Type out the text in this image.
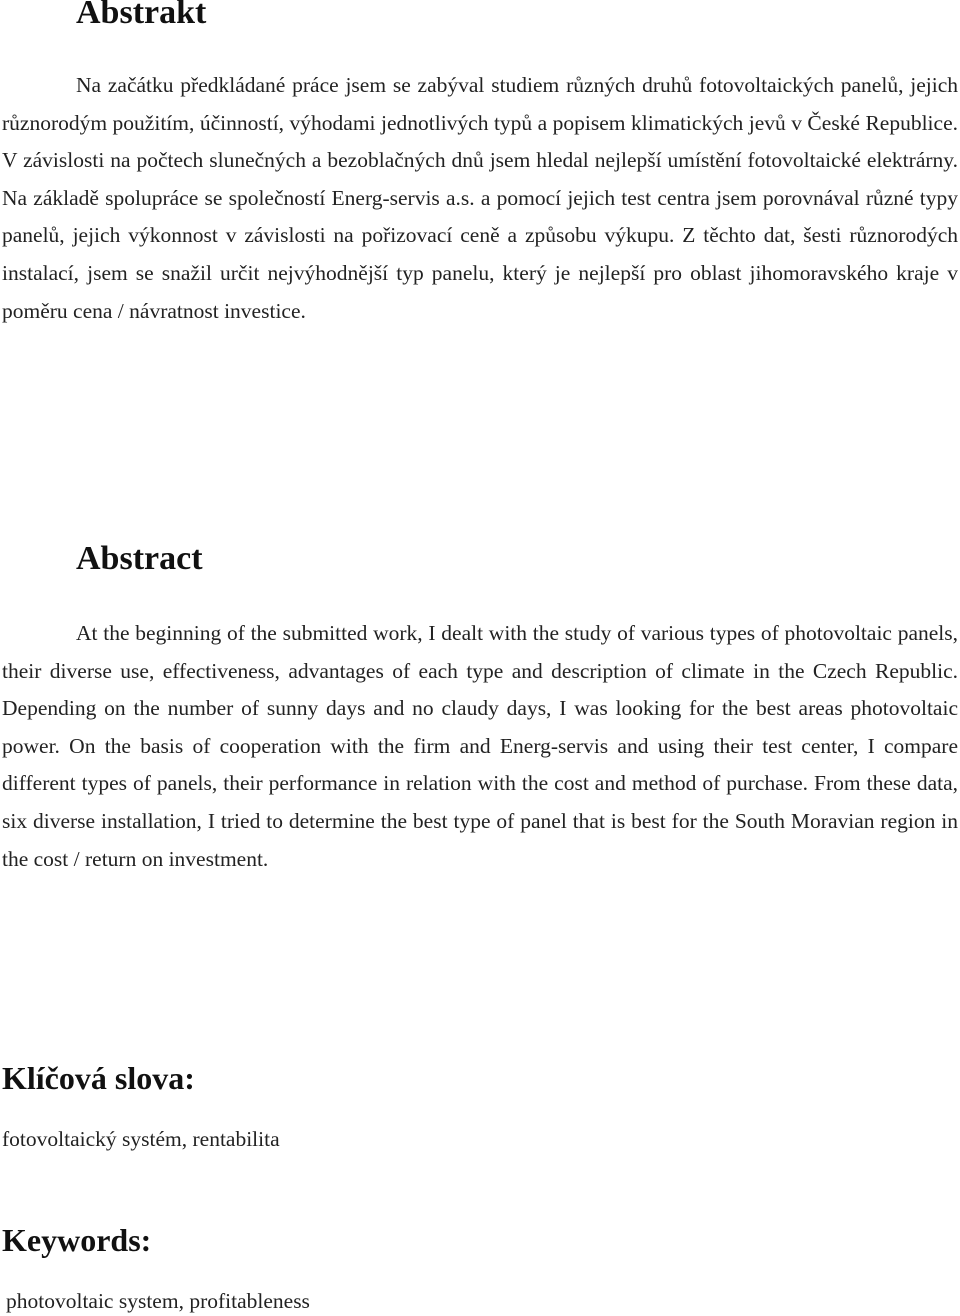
Abstrakt

Na začátku předkládané práce jsem se zabýval studiem různých druhů fotovoltaických panelů, jejich různorodým použitím, účinností, výhodami jednotlivých typů a popisem klimatických jevů v České Republice. V závislosti na počtech slunečných a bezoblačných dnů jsem hledal nejlepší umístění fotovoltaické elektrárny. Na základě spolupráce se společností Energ-servis a.s. a pomocí jejich test centra jsem porovnával různé typy panelů, jejich výkonnost v závislosti na pořizovací ceně a způsobu výkupu. Z těchto dat, šesti různorodých instalací, jsem se snažil určit nejvýhodnější typ panelu, který je nejlepší pro oblast jihomoravského kraje v poměru cena / návratnost investice.

Abstract

At the beginning of the submitted work, I dealt with the study of various types of photovoltaic panels, their diverse use, effectiveness, advantages of each type and description of climate in the Czech Republic. Depending on the number of sunny days and no claudy days, I was looking for the best areas photovoltaic power. On the basis of cooperation with the firm and Energ-servis and using their test center, I compare different types of panels, their performance in relation with the cost and method of purchase. From these data, six diverse installation, I tried to determine the best type of panel that is best for the South Moravian region in the cost / return on investment.

Klíčová slova:

fotovoltaický systém, rentabilita

Keywords:

photovoltaic system, profitableness
